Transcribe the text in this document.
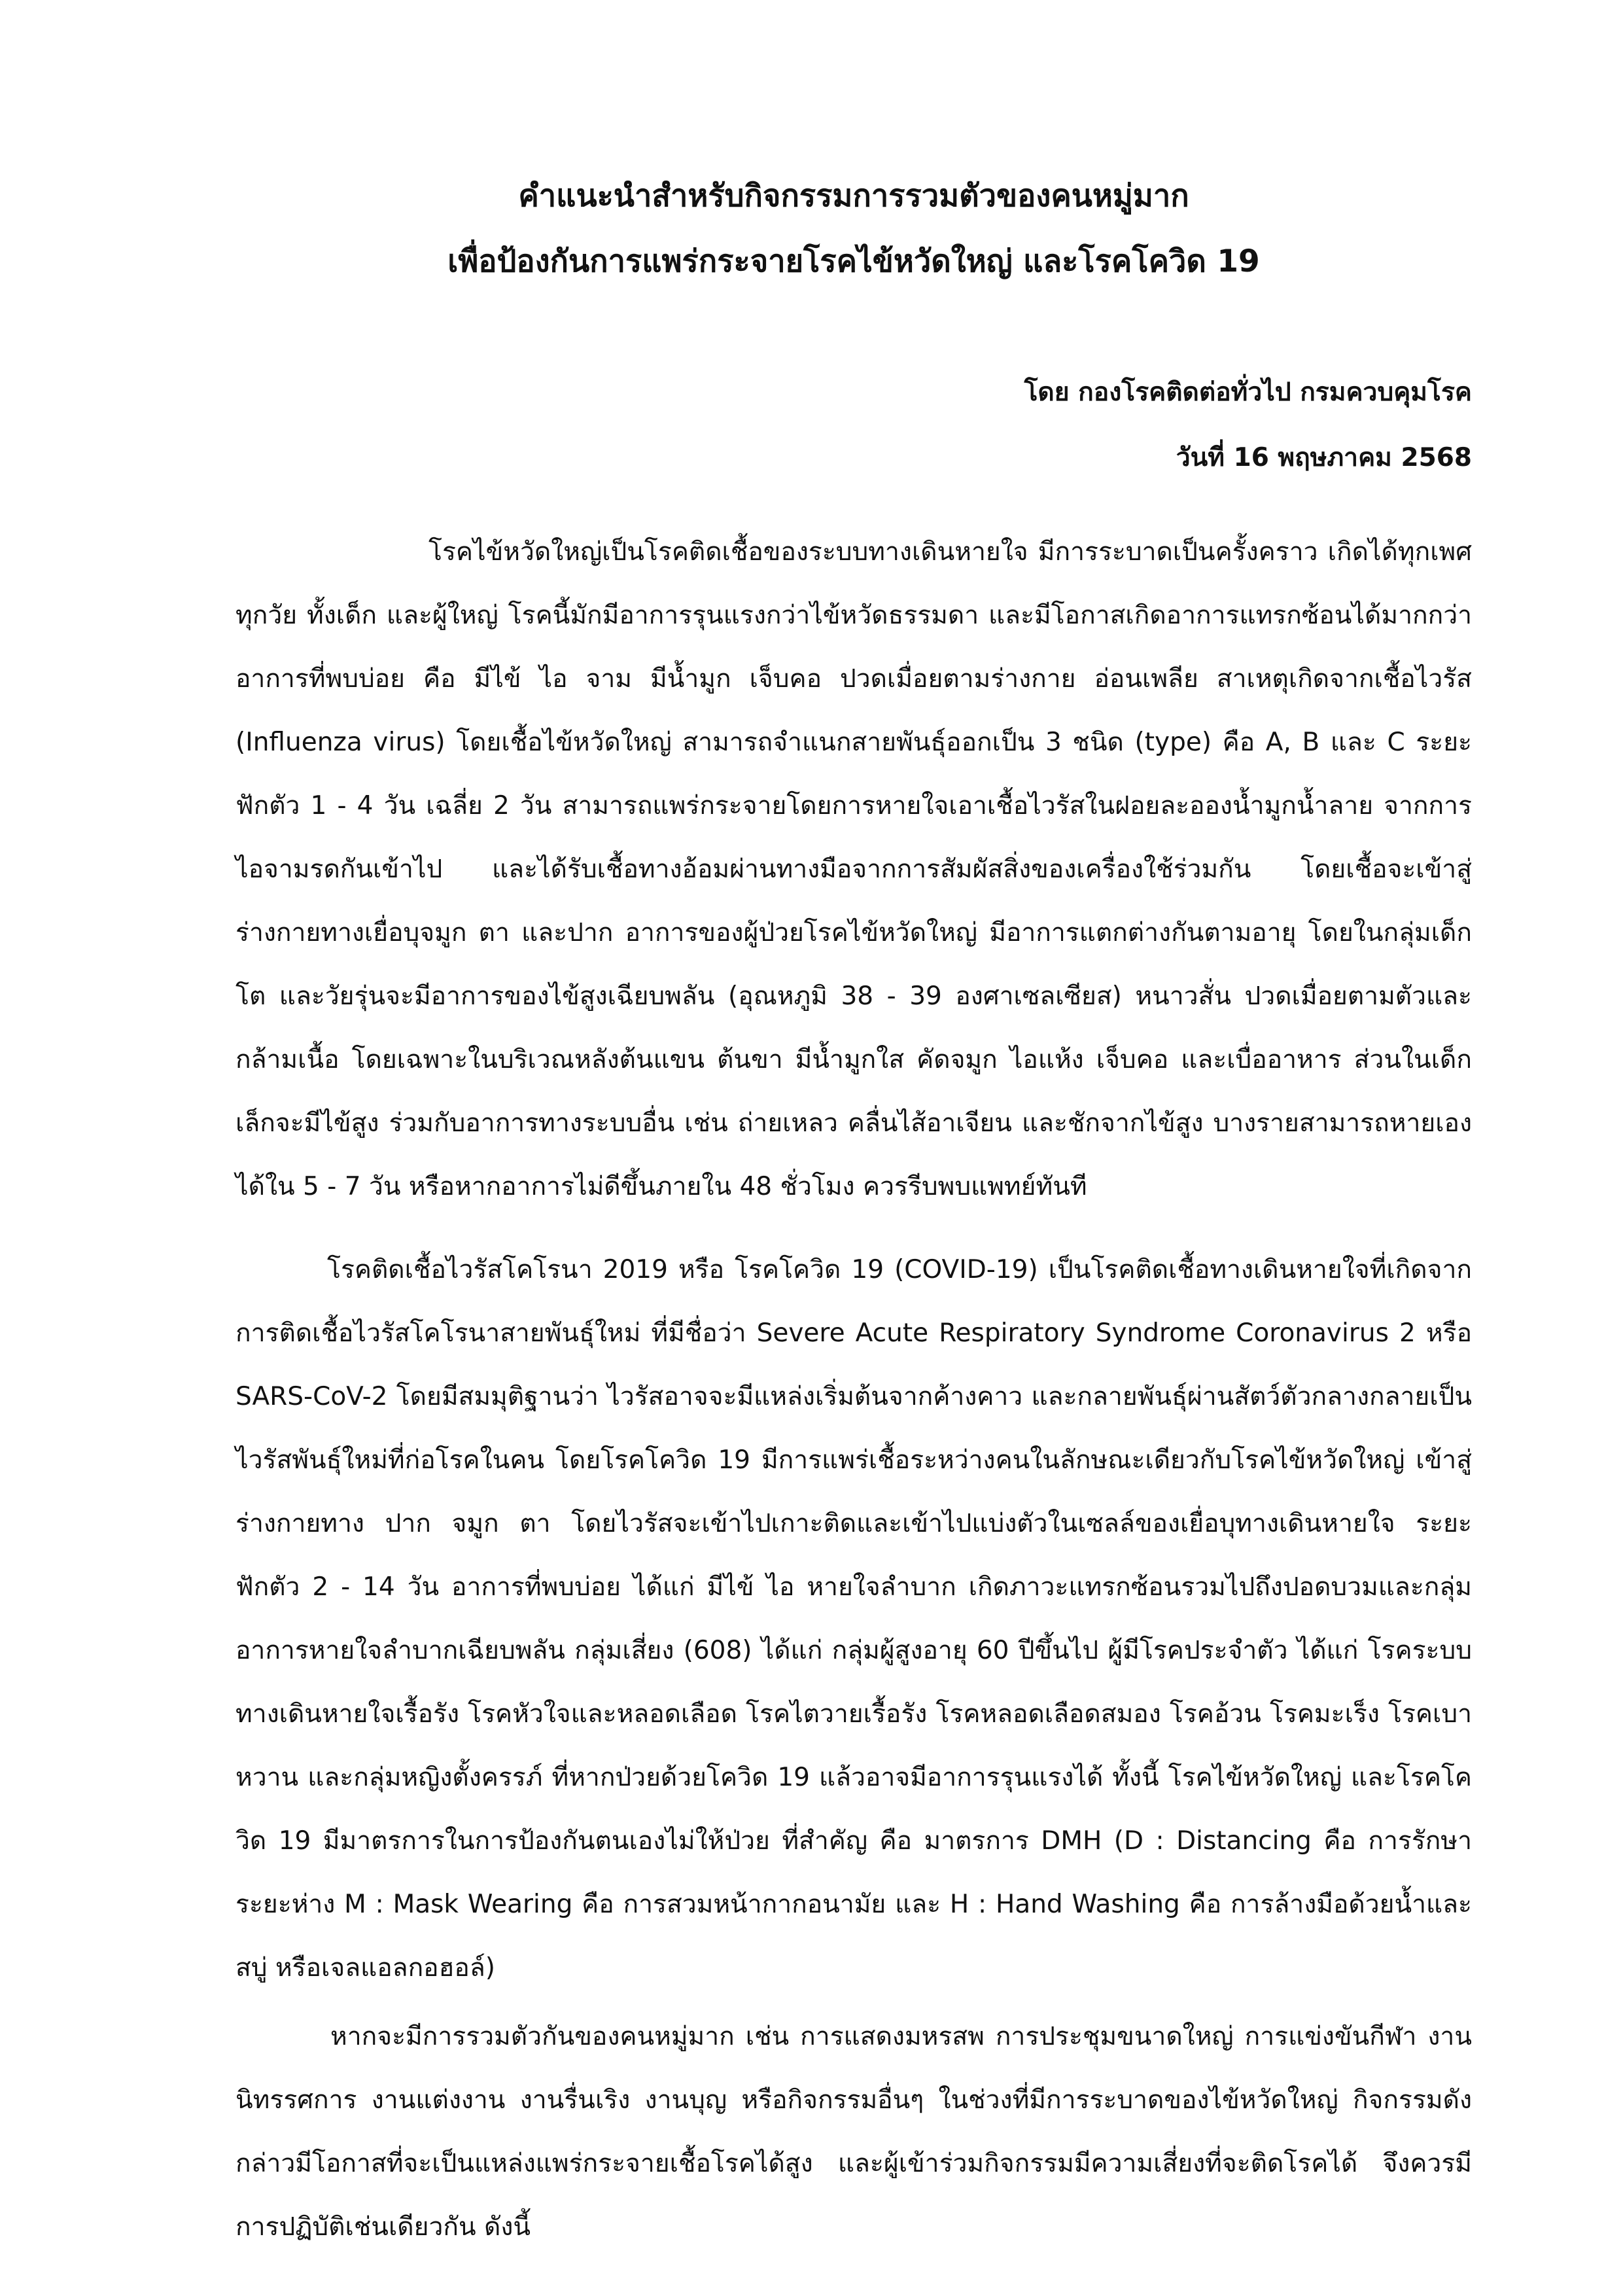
คำแนะนำสำหรับกิจกรรมการรวมตัวของคนหมู่มาก

เพื่อป้องกันการแพร่กระจายโรคไข้หวัดใหญ่ และโรคโควิด 19

โดย กองโรคติดต่อทั่วไป กรมควบคุมโรค

วันที่ 16 พฤษภาคม 2568

โรคไข้หวัดใหญ่เป็นโรคติดเชื้อของระบบทางเดินหายใจ มีการระบาดเป็นครั้งคราว เกิดได้ทุกเพศทุกวัย ทั้งเด็ก และผู้ใหญ่ โรคนี้มักมีอาการรุนแรงกว่าไข้หวัดธรรมดา และมีโอกาสเกิดอาการแทรกซ้อนได้มากกว่า อาการที่พบบ่อย คือ มีไข้ ไอ จาม มีน้ำมูก เจ็บคอ ปวดเมื่อยตามร่างกาย อ่อนเพลีย สาเหตุเกิดจากเชื้อไวรัส (Influenza virus) โดยเชื้อไข้หวัดใหญ่ สามารถจำแนกสายพันธุ์ออกเป็น 3 ชนิด (type) คือ A, B และ C ระยะฟักตัว 1 - 4 วัน เฉลี่ย 2 วัน สามารถแพร่กระจายโดยการหายใจเอาเชื้อไวรัสในฝอยละอองน้ำมูกน้ำลาย จากการไอจามรดกันเข้าไป และได้รับเชื้อทางอ้อมผ่านทางมือจากการสัมผัสสิ่งของเครื่องใช้ร่วมกัน โดยเชื้อจะเข้าสู่ร่างกายทางเยื่อบุจมูก ตา และปาก อาการของผู้ป่วยโรคไข้หวัดใหญ่ มีอาการแตกต่างกันตามอายุ โดยในกลุ่มเด็กโต และวัยรุ่นจะมีอาการของไข้สูงเฉียบพลัน (อุณหภูมิ 38 - 39 องศาเซลเซียส) หนาวสั่น ปวดเมื่อยตามตัวและกล้ามเนื้อ โดยเฉพาะในบริเวณหลังต้นแขน ต้นขา มีน้ำมูกใส คัดจมูก ไอแห้ง เจ็บคอ และเบื่ออาหาร ส่วนในเด็กเล็กจะมีไข้สูง ร่วมกับอาการทางระบบอื่น เช่น ถ่ายเหลว คลื่นไส้อาเจียน และชักจากไข้สูง บางรายสามารถหายเองได้ใน 5 - 7 วัน หรือหากอาการไม่ดีขึ้นภายใน 48 ชั่วโมง ควรรีบพบแพทย์ทันที

โรคติดเชื้อไวรัสโคโรนา 2019 หรือ โรคโควิด 19 (COVID-19) เป็นโรคติดเชื้อทางเดินหายใจที่เกิดจากการติดเชื้อไวรัสโคโรนาสายพันธุ์ใหม่ ที่มีชื่อว่า Severe Acute Respiratory Syndrome Coronavirus 2 หรือ SARS-CoV-2 โดยมีสมมุติฐานว่า ไวรัสอาจจะมีแหล่งเริ่มต้นจากค้างคาว และกลายพันธุ์ผ่านสัตว์ตัวกลางกลายเป็นไวรัสพันธุ์ใหม่ที่ก่อโรคในคน โดยโรคโควิด 19 มีการแพร่เชื้อระหว่างคนในลักษณะเดียวกับโรคไข้หวัดใหญ่ เข้าสู่ร่างกายทาง ปาก จมูก ตา โดยไวรัสจะเข้าไปเกาะติดและเข้าไปแบ่งตัวในเซลล์ของเยื่อบุทางเดินหายใจ ระยะฟักตัว 2 - 14 วัน อาการที่พบบ่อย ได้แก่ มีไข้ ไอ หายใจลำบาก เกิดภาวะแทรกซ้อนรวมไปถึงปอดบวมและกลุ่มอาการหายใจลำบากเฉียบพลัน กลุ่มเสี่ยง (608) ได้แก่ กลุ่มผู้สูงอายุ 60 ปีขึ้นไป ผู้มีโรคประจำตัว ได้แก่ โรคระบบทางเดินหายใจเรื้อรัง โรคหัวใจและหลอดเลือด โรคไตวายเรื้อรัง โรคหลอดเลือดสมอง โรคอ้วน โรคมะเร็ง โรคเบาหวาน และกลุ่มหญิงตั้งครรภ์ ที่หากป่วยด้วยโควิด 19 แล้วอาจมีอาการรุนแรงได้ ทั้งนี้ โรคไข้หวัดใหญ่ และโรคโควิด 19 มีมาตรการในการป้องกันตนเองไม่ให้ป่วย ที่สำคัญ คือ มาตรการ DMH (D : Distancing คือ การรักษาระยะห่าง M : Mask Wearing คือ การสวมหน้ากากอนามัย และ H : Hand Washing คือ การล้างมือด้วยน้ำและสบู่ หรือเจลแอลกอฮอล์)

หากจะมีการรวมตัวกันของคนหมู่มาก เช่น การแสดงมหรสพ การประชุมขนาดใหญ่ การแข่งขันกีฬา งานนิทรรศการ งานแต่งงาน งานรื่นเริง งานบุญ หรือกิจกรรมอื่นๆ ในช่วงที่มีการระบาดของไข้หวัดใหญ่ กิจกรรมดังกล่าวมีโอกาสที่จะเป็นแหล่งแพร่กระจายเชื้อโรคได้สูง และผู้เข้าร่วมกิจกรรมมีความเสี่ยงที่จะติดโรคได้ จึงควรมีการปฏิบัติเช่นเดียวกัน ดังนี้
